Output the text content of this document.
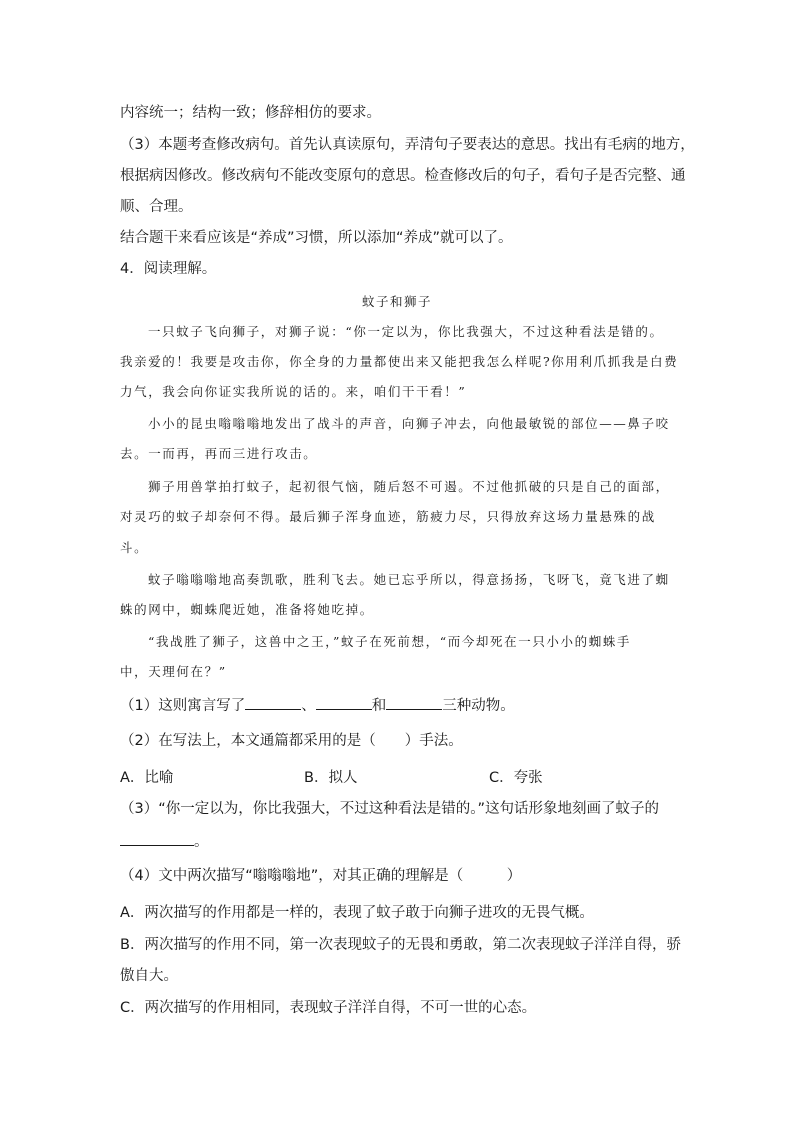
内容统一；结构一致；修辞相仿的要求。
（3）本题考查修改病句。首先认真读原句，弄清句子要表达的意思。找出有毛病的地方，
根据病因修改。修改病句不能改变原句的意思。检查修改后的句子，看句子是否完整、通
顺、合理。
结合题干来看应该是“养成”习惯，所以添加“养成”就可以了。
4．阅读理解。
蚊子和狮子
一只蚊子飞向狮子，对狮子说：“你一定以为，你比我强大，不过这种看法是错的。
我亲爱的！我要是攻击你，你全身的力量都使出来又能把我怎么样呢?你用利爪抓我是白费
力气，我会向你证实我所说的话的。来，咱们干干看！”
小小的昆虫嗡嗡嗡地发出了战斗的声音，向狮子冲去，向他最敏锐的部位——鼻子咬
去。一而再，再而三进行攻击。
狮子用兽掌拍打蚊子，起初很气恼，随后怒不可遏。不过他抓破的只是自己的面部，
对灵巧的蚊子却奈何不得。最后狮子浑身血迹，筋疲力尽，只得放弃这场力量悬殊的战
斗。
蚊子嗡嗡嗡地高奏凯歌，胜利飞去。她已忘乎所以，得意扬扬，飞呀飞，竟飞进了蜘
蛛的网中，蜘蛛爬近她，准备将她吃掉。
“我战胜了狮子，这兽中之王，”蚊子在死前想，“而今却死在一只小小的蜘蛛手
中，天理何在？”
（1）这则寓言写了	、	和	三种动物。
（2）在写法上，本文通篇都采用的是（　　）手法。
A．比喻	B．拟人	C．夸张
（3）“你一定以为，你比我强大，不过这种看法是错的。”这句话形象地刻画了蚊子的
。
（4）文中两次描写“嗡嗡嗡地”，对其正确的理解是（　　　）
A．两次描写的作用都是一样的，表现了蚊子敢于向狮子进攻的无畏气概。
B．两次描写的作用不同，第一次表现蚊子的无畏和勇敢，第二次表现蚊子洋洋自得，骄
傲自大。
C．两次描写的作用相同，表现蚊子洋洋自得，不可一世的心态。
